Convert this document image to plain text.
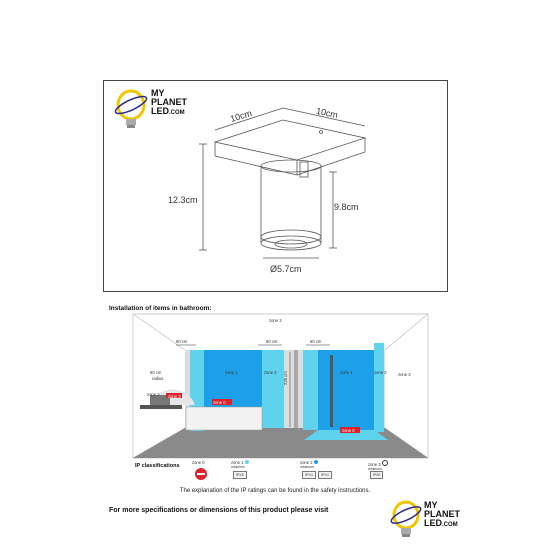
MY
PLANET
LED.COM	10cm	10cm
12.3cm
9.8cm
Ø5.7cm
Installation of items in bathroom:
zone 3
60 cm	60 cm	60 cm
zone 1	zone 2
zone 0
60 cm
radius
zone 2 zone 3
225 cm	zone 1	zone 2
zone 0
zone 3
IP classifications
zone 0	zone 1
minimum
IPX5
zone 2
minimum
IPX4	IPX4
zone 3
minimum
IP20
The explanation of the IP ratings can be found in the safety instructions.
For more specifications or dimensions of this product please visit
MY
PLANET
LED.COM
